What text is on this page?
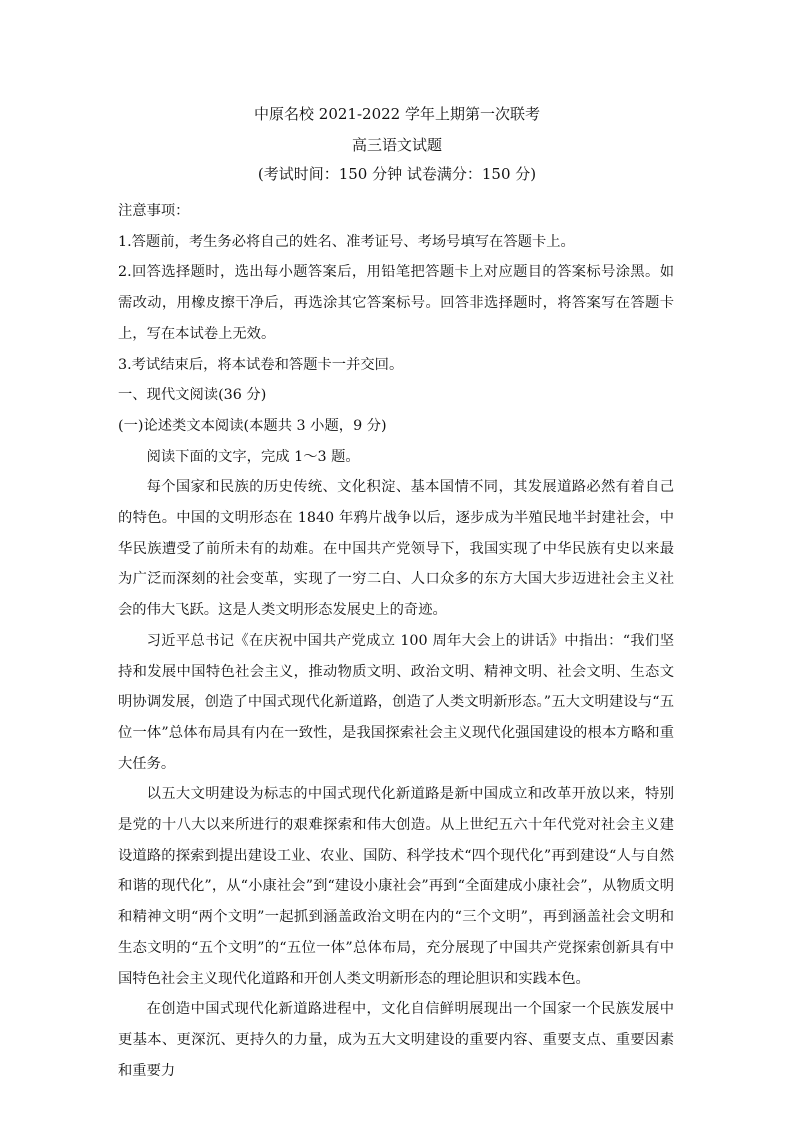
中原名校 2021-2022 学年上期第一次联考
高三语文试题
(考试时间：150 分钟 试卷满分：150 分)

注意事项：

1.答题前，考生务必将自己的姓名、准考证号、考场号填写在答题卡上。

2.回答选择题时，选出每小题答案后，用铅笔把答题卡上对应题目的答案标号涂黑。如需改动，用橡皮擦干净后，再选涂其它答案标号。回答非选择题时，将答案写在答题卡上，写在本试卷上无效。

3.考试结束后，将本试卷和答题卡一并交回。

一、现代文阅读(36 分)

(一)论述类文本阅读(本题共 3 小题，9 分)

阅读下面的文字，完成 1～3 题。

每个国家和民族的历史传统、文化积淀、基本国情不同，其发展道路必然有着自己的特色。中国的文明形态在 1840 年鸦片战争以后，逐步成为半殖民地半封建社会，中华民族遭受了前所未有的劫难。在中国共产党领导下，我国实现了中华民族有史以来最为广泛而深刻的社会变革，实现了一穷二白、人口众多的东方大国大步迈进社会主义社会的伟大飞跃。这是人类文明形态发展史上的奇迹。

习近平总书记《在庆祝中国共产党成立 100 周年大会上的讲话》中指出：“我们坚持和发展中国特色社会主义，推动物质文明、政治文明、精神文明、社会文明、生态文明协调发展，创造了中国式现代化新道路，创造了人类文明新形态。”五大文明建设与“五位一体”总体布局具有内在一致性，是我国探索社会主义现代化强国建设的根本方略和重大任务。

以五大文明建设为标志的中国式现代化新道路是新中国成立和改革开放以来，特别是党的十八大以来所进行的艰难探索和伟大创造。从上世纪五六十年代党对社会主义建设道路的探索到提出建设工业、农业、国防、科学技术“四个现代化”再到建设“人与自然和谐的现代化”，从“小康社会”到“建设小康社会”再到“全面建成小康社会”，从物质文明和精神文明“两个文明”一起抓到涵盖政治文明在内的“三个文明”，再到涵盖社会文明和生态文明的“五个文明”的“五位一体”总体布局，充分展现了中国共产党探索创新具有中国特色社会主义现代化道路和开创人类文明新形态的理论胆识和实践本色。

在创造中国式现代化新道路进程中，文化自信鲜明展现出一个国家一个民族发展中更基本、更深沉、更持久的力量，成为五大文明建设的重要内容、重要支点、重要因素和重要力
